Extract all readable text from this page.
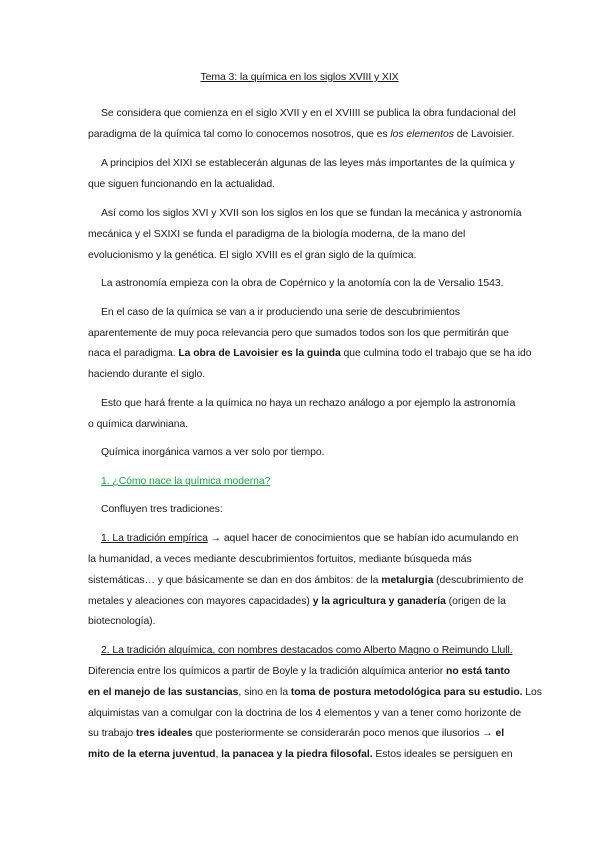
Tema 3: la química en los siglos XVIII y XIX
Se considera que comienza en el siglo XVII y en el XVIIII se publica la obra fundacional del
paradigma de la química tal como lo conocemos nosotros, que es los elementos de Lavoisier.
A principios del XIXI se establecerán algunas de las leyes más importantes de la química y
que siguen funcionando en la actualidad.
Así como los siglos XVI y XVII son los siglos en los que se fundan la mecánica y astronomía
mecánica y el SXIXI se funda el paradigma de la biología moderna, de la mano del
evolucionismo y la genética. El siglo XVIII es el gran siglo de la química.
La astronomía empieza con la obra de Copérnico y la anotomía con la de Versalio 1543.
En el caso de la química se van a ir produciendo una serie de descubrimientos
aparentemente de muy poca relevancia pero que sumados todos son los que permitirán que
naca el paradigma. La obra de Lavoisier es la guinda que culmina todo el trabajo que se ha ido
haciendo durante el siglo.
Esto que hará frente a la química no haya un rechazo análogo a por ejemplo la astronomía
o química darwiniana.
Química inorgánica vamos a ver solo por tiempo.
1. ¿Cómo nace la química moderna?
Confluyen tres tradiciones:
1. La tradición empírica → aquel hacer de conocimientos que se habían ido acumulando en
la humanidad, a veces mediante descubrimientos fortuitos, mediante búsqueda más
sistemáticas… y que básicamente se dan en dos ámbitos: de la metalurgia (descubrimiento de
metales y aleaciones con mayores capacidades) y la agricultura y ganadería (origen de la
biotecnología).
2. La tradición alquímica, con nombres destacados como Alberto Magno o Reimundo Llull.
Diferencia entre los químicos a partir de Boyle y la tradición alquímica anterior no está tanto
en el manejo de las sustancias, sino en la toma de postura metodológica para su estudio. Los
alquimistas van a comulgar con la doctrina de los 4 elementos y van a tener como horizonte de
su trabajo tres ideales que posteriormente se considerarán poco menos que ilusorios → el
mito de la eterna juventud, la panacea y la piedra filosofal. Estos ideales se persiguen en
